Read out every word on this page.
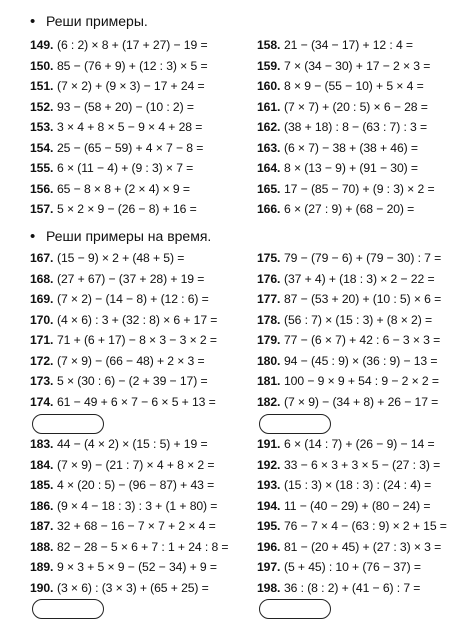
•Реши примеры.
149. (6 : 2) × 8 + (17 + 27) − 19 =
150. 85 − (76 + 9) + (12 : 3) × 5 =
151. (7 × 2) + (9 × 3) − 17 + 24 =
152. 93 − (58 + 20) − (10 : 2) =
153. 3 × 4 + 8 × 5 − 9 × 4 + 28 =
154. 25 − (65 − 59) + 4 × 7 − 8 =
155. 6 × (11 − 4) + (9 : 3) × 7 =
156. 65 − 8 × 8 + (2 × 4) × 9 =
157. 5 × 2 × 9 − (26 − 8) + 16 =
158. 21 − (34 − 17) + 12 : 4 =
159. 7 × (34 − 30) + 17 − 2 × 3 =
160. 8 × 9 − (55 − 10) + 5 × 4 =
161. (7 × 7) + (20 : 5) × 6 − 28 =
162. (38 + 18) : 8 − (63 : 7) : 3 =
163. (6 × 7) − 38 + (38 + 46) =
164. 8 × (13 − 9) + (91 − 30) =
165. 17 − (85 − 70) + (9 : 3) × 2 =
166. 6 × (27 : 9) + (68 − 20) =
•Реши примеры на время.
167. (15 − 9) × 2 + (48 + 5) =
168. (27 + 67) − (37 + 28) + 19 =
169. (7 × 2) − (14 − 8) + (12 : 6) =
170. (4 × 6) : 3 + (32 : 8) × 6 + 17 =
171. 71 + (6 + 17) − 8 × 3 − 3 × 2 =
172. (7 × 9) − (66 − 48) + 2 × 3 =
173. 5 × (30 : 6) − (2 + 39 − 17) =
174. 61 − 49 + 6 × 7 − 6 × 5 + 13 =
175. 79 − (79 − 6) + (79 − 30) : 7 =
176. (37 + 4) + (18 : 3) × 2 − 22 =
177. 87 − (53 + 20) + (10 : 5) × 6 =
178. (56 : 7) × (15 : 3) + (8 × 2) =
179. 77 − (6 × 7) + 42 : 6 − 3 × 3 =
180. 94 − (45 : 9) × (36 : 9) − 13 =
181. 100 − 9 × 9 + 54 : 9 − 2 × 2 =
182. (7 × 9) − (34 + 8) + 26 − 17 =
183. 44 − (4 × 2) × (15 : 5) + 19 =
184. (7 × 9) − (21 : 7) × 4 + 8 × 2 =
185. 4 × (20 : 5) − (96 − 87) + 43 =
186. (9 × 4 − 18 : 3) : 3 + (1 + 80) =
187. 32 + 68 − 16 − 7 × 7 + 2 × 4 =
188. 82 − 28 − 5 × 6 + 7 : 1 + 24 : 8 =
189. 9 × 3 + 5 × 9 − (52 − 34) + 9 =
190. (3 × 6) : (3 × 3) + (65 + 25) =
191. 6 × (14 : 7) + (26 − 9) − 14 =
192. 33 − 6 × 3 + 3 × 5 − (27 : 3) =
193. (15 : 3) × (18 : 3) : (24 : 4) =
194. 11 − (40 − 29) + (80 − 24) =
195. 76 − 7 × 4 − (63 : 9) × 2 + 15 =
196. 81 − (20 + 45) + (27 : 3) × 3 =
197. (5 + 45) : 10 + (76 − 37) =
198. 36 : (8 : 2) + (41 − 6) : 7 =
